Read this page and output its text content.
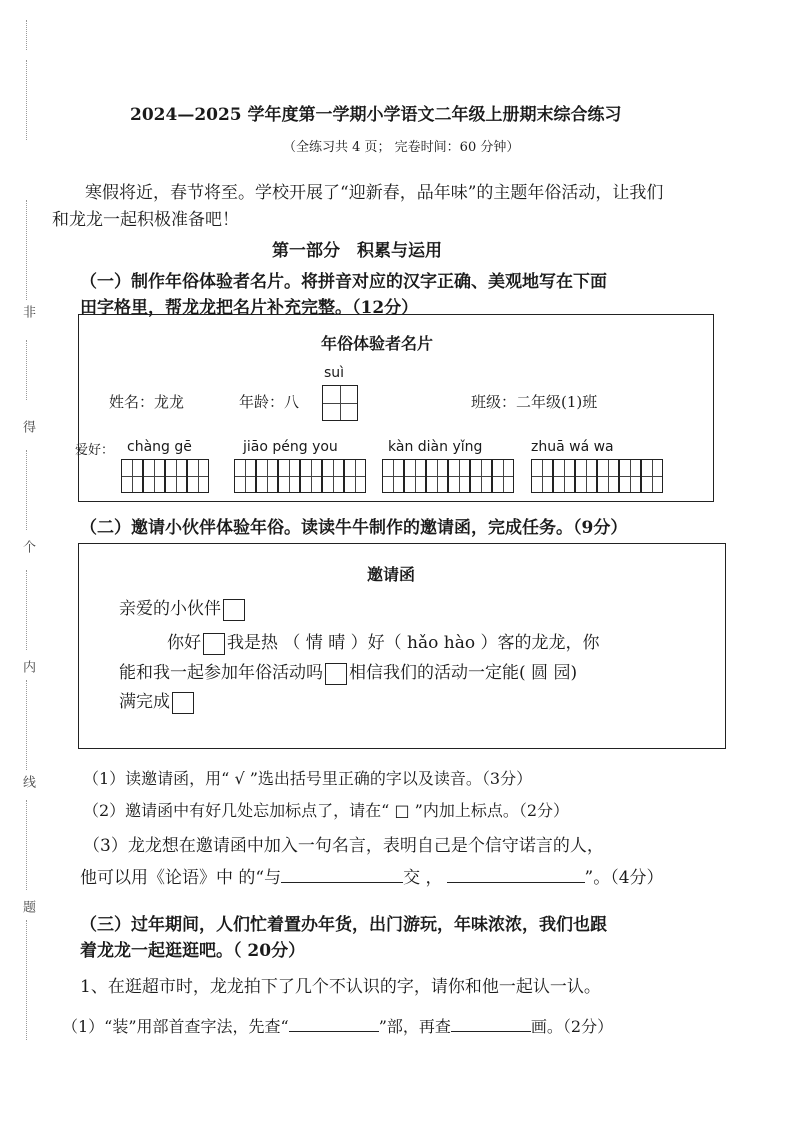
非
得
个
内
线
题
2024—2025 学年度第一学期小学语文二年级上册期末综合练习
（全练习共 4 页； 完卷时间：60 分钟）
寒假将近，春节将至。学校开展了“迎新春，品年味”的主题年俗活动，让我们
和龙龙一起积极准备吧！
第一部分　积累与运用
（一）制作年俗体验者名片。将拼音对应的汉字正确、美观地写在下面
田字格里，帮龙龙把名片补充完整。（12分）
年俗体验者名片
姓名：龙龙	年龄：八
suì
班级：二年级(1)班
爱好： chàng gē	jiāo péng you	kàn diàn yǐng	zhuā wá wa
（二）邀请小伙伴体验年俗。读读牛牛制作的邀请函，完成任务。（9分）
邀请函
亲爱的小伙伴
你好 我是热 （ 情 晴 ）好（ hǎo hào ）客的龙龙，你
能和我一起参加年俗活动吗 相信我们的活动一定能( 圆 园)
满完成
（1）读邀请函，用“ √ ”选出括号里正确的字以及读音。（3分）
（2）邀请函中有好几处忘加标点了，请在“ □ ”内加上标点。（2分）
（3）龙龙想在邀请函中加入一句名言，表明自己是个信守诺言的人，
他可以用《论语》中 的“与	交 ，	”。（4分）
（三）过年期间，人们忙着置办年货，出门游玩，年味浓浓，我们也跟
着龙龙一起逛逛吧。（ 20分）
1、在逛超市时，龙龙拍下了几个不认识的字，请你和他一起认一认。
（1）“装”用部首查字法，先查“	”部，再查	画。（2分）
